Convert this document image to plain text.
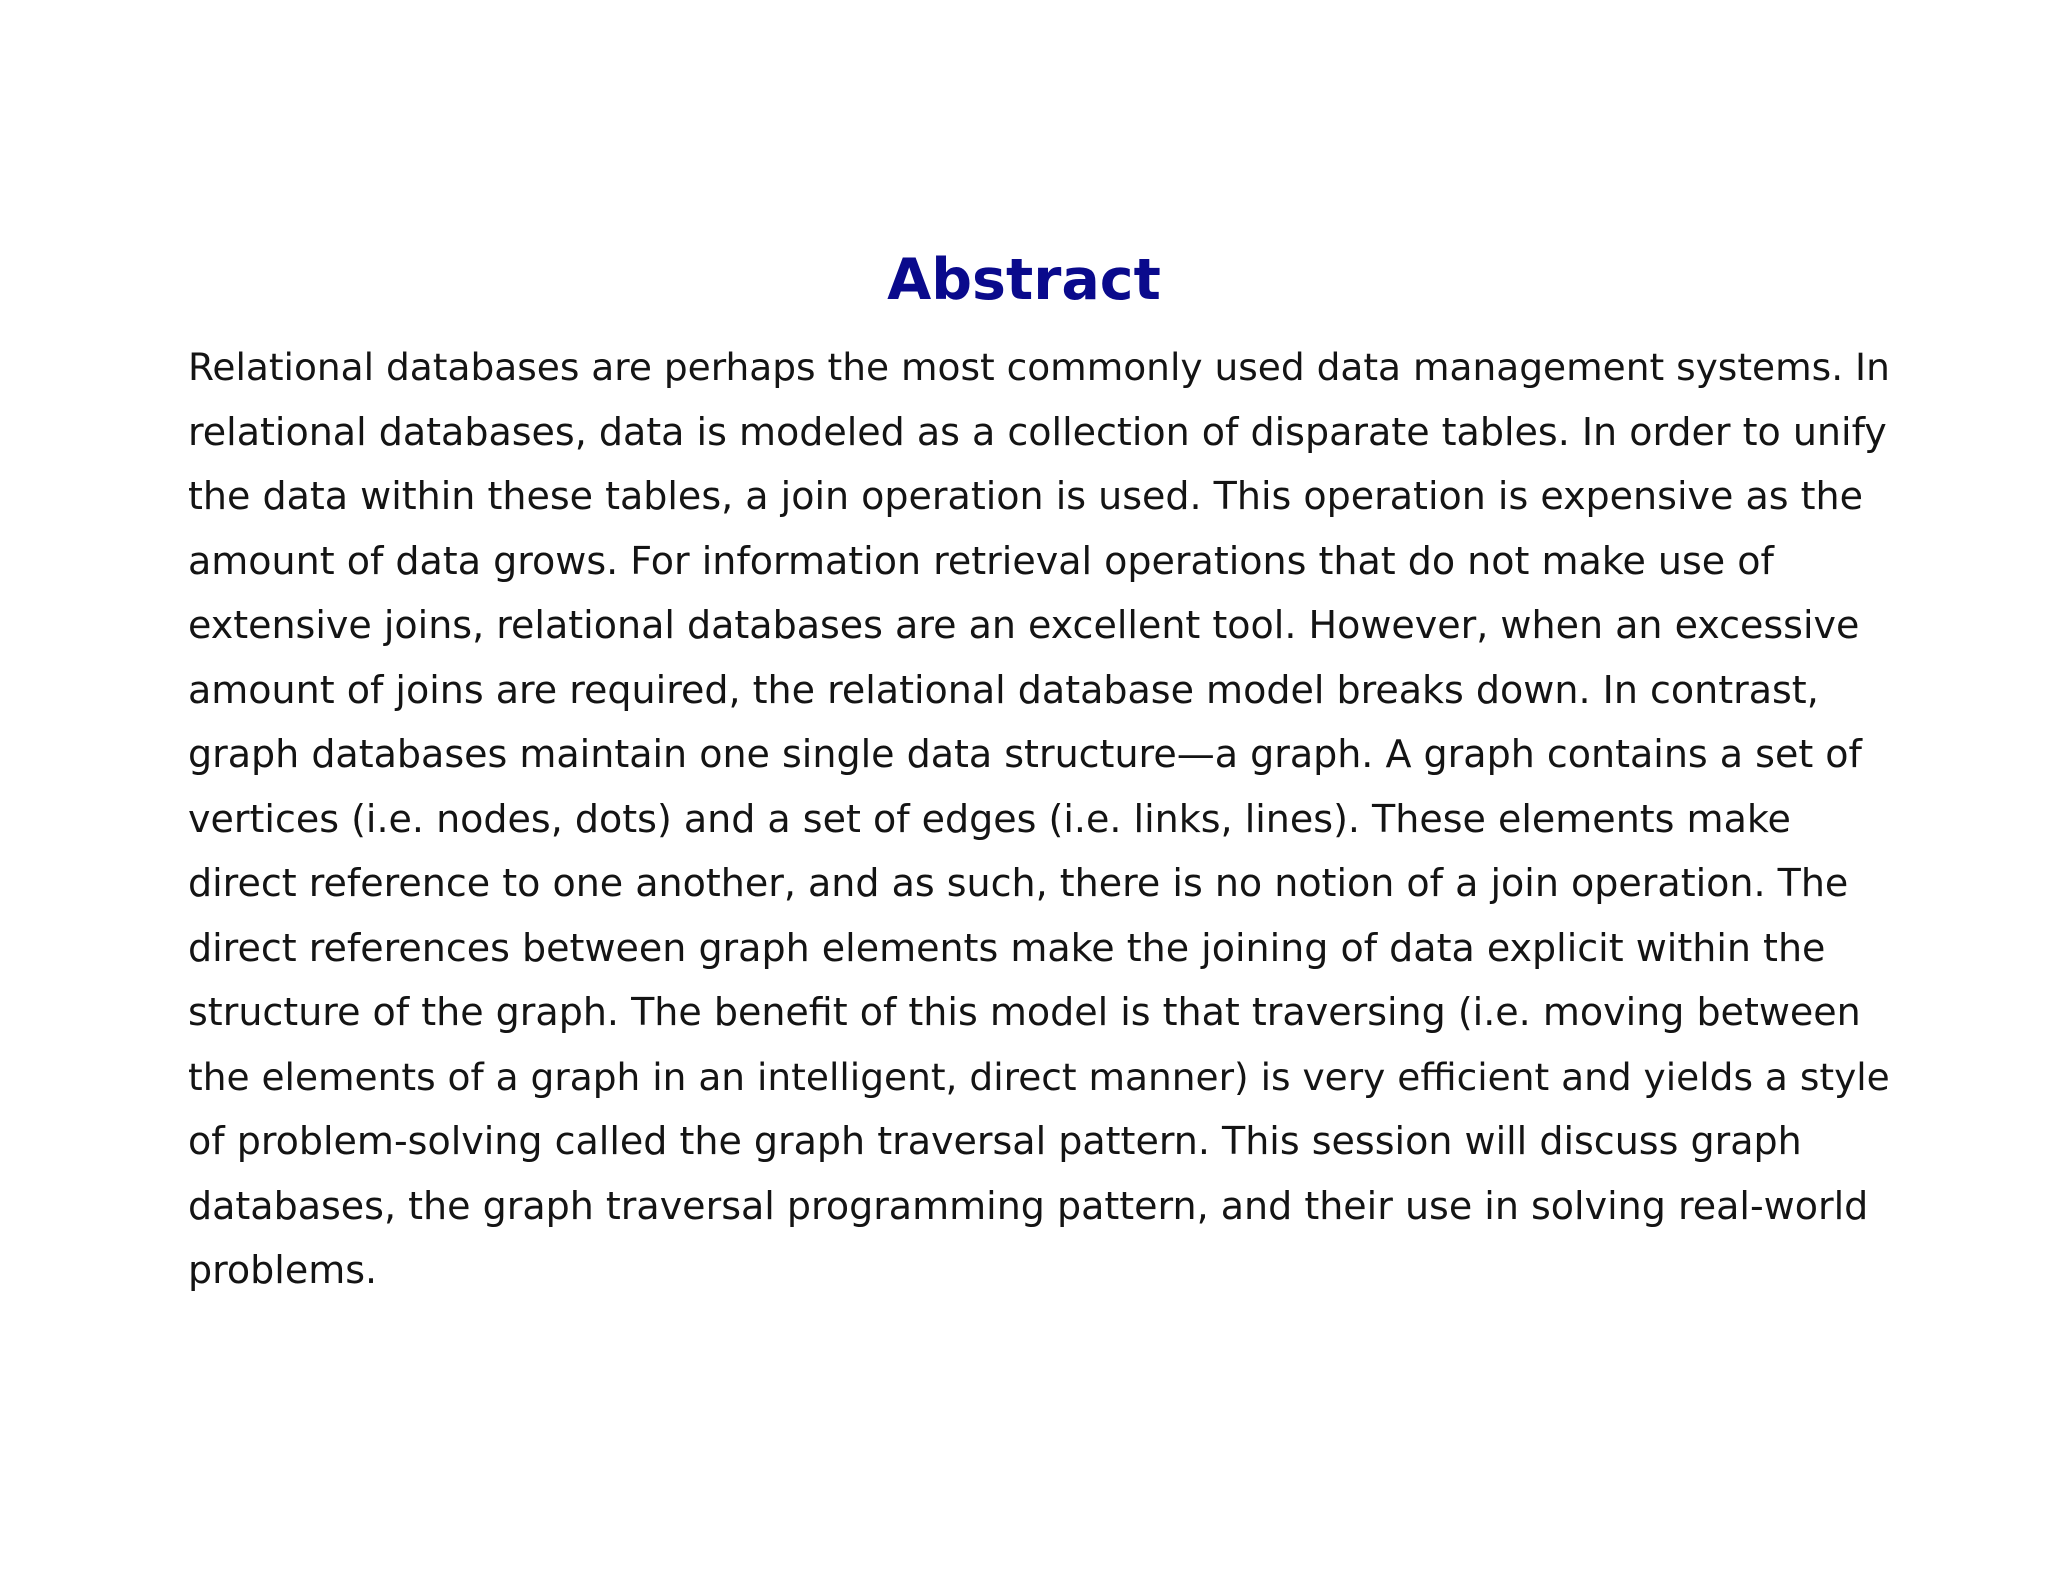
Abstract
Relational databases are perhaps the most commonly used data management systems. In
relational databases, data is modeled as a collection of disparate tables. In order to unify
the data within these tables, a join operation is used. This operation is expensive as the
amount of data grows. For information retrieval operations that do not make use of
extensive joins, relational databases are an excellent tool. However, when an excessive
amount of joins are required, the relational database model breaks down. In contrast,
graph databases maintain one single data structure—a graph. A graph contains a set of
vertices (i.e. nodes, dots) and a set of edges (i.e. links, lines). These elements make
direct reference to one another, and as such, there is no notion of a join operation. The
direct references between graph elements make the joining of data explicit within the
structure of the graph. The benefit of this model is that traversing (i.e. moving between
the elements of a graph in an intelligent, direct manner) is very efficient and yields a style
of problem-solving called the graph traversal pattern. This session will discuss graph
databases, the graph traversal programming pattern, and their use in solving real-world
problems.
